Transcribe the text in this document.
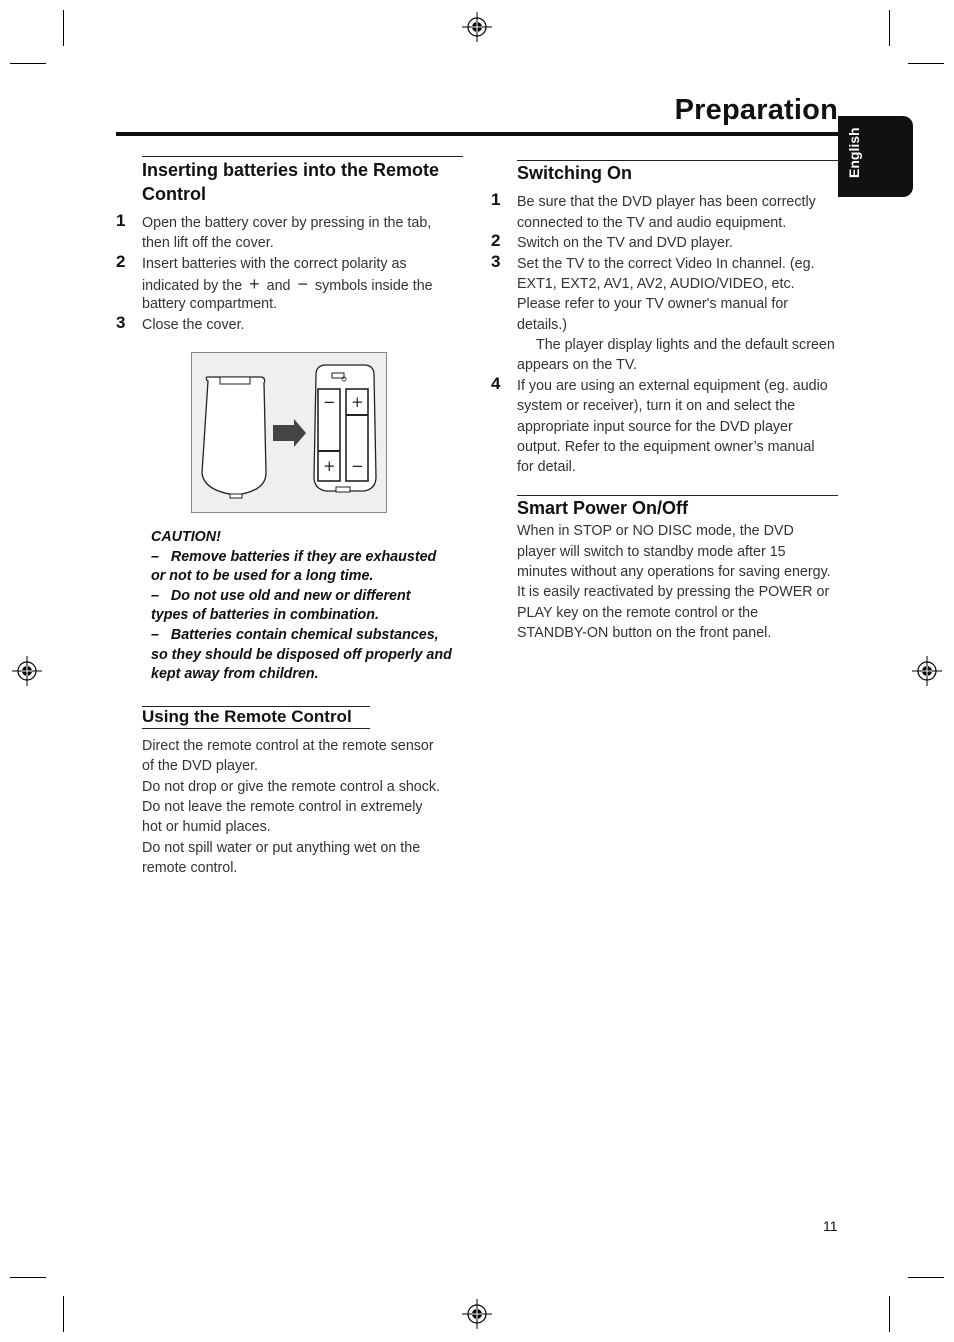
Preparation
English
Inserting batteries into the Remote Control
1 Open the battery cover by pressing in the tab,
then lift off the cover.
2 Insert batteries with the correct polarity as
indicated by the + and − symbols inside the
battery compartment.
3 Close the cover.
− +
+ −
CAUTION!
– Remove batteries if they are exhausted
or not to be used for a long time.
– Do not use old and new or different
types of batteries in combination.
– Batteries contain chemical substances,
so they should be disposed off properly and
kept away from children.
Using the Remote Control
Direct the remote control at the remote sensor
of the DVD player.
Do not drop or give the remote control a shock.
Do not leave the remote control in extremely
hot or humid places.
Do not spill water or put anything wet on the
remote control.
Switching On
1 Be sure that the DVD player has been correctly
connected to the TV and audio equipment.
2 Switch on the TV and DVD player.
3 Set the TV to the correct Video In channel. (eg.
EXT1, EXT2, AV1, AV2, AUDIO/VIDEO, etc.
Please refer to your TV owner's manual for
details.)
The player display lights and the default screen
appears on the TV.
4 If you are using an external equipment (eg. audio
system or receiver), turn it on and select the
appropriate input source for the DVD player
output. Refer to the equipment owner’s manual
for detail.
Smart Power On/Off
When in STOP or NO DISC mode, the DVD
player will switch to standby mode after 15
minutes without any operations for saving energy.
It is easily reactivated by pressing the POWER or
PLAY key on the remote control or the
STANDBY-ON button on the front panel.
11
